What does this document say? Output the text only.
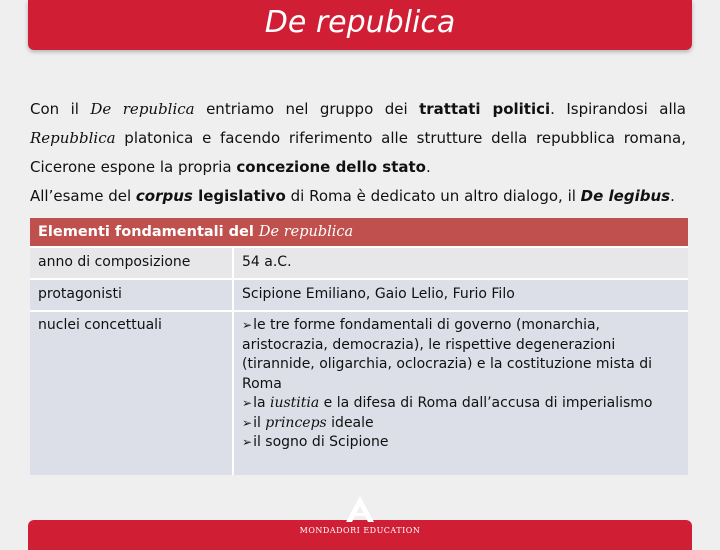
De republica
Con il De republica entriamo nel gruppo dei trattati politici. Ispirandosi alla Repubblica platonica e facendo riferimento alle strutture della repubblica romana, Cicerone espone la propria concezione dello stato.
All’esame del corpus legislativo di Roma è dedicato un altro dialogo, il De legibus.
Elementi fondamentali del De republica
anno di composizione	54 a.C.
protagonisti	Scipione Emiliano, Gaio Lelio, Furio Filo
nuclei concettuali
➢	le tre forme fondamentali di governo (monarchia, aristocrazia, democrazia), le rispettive degenerazioni (tirannide, oligarchia, oclocrazia) e la costituzione mista di Roma
➢ la iustitia e la difesa di Roma dall’accusa di imperialismo
➢ il princeps ideale
➢ il sogno di Scipione
MONDADORI EDUCATION
